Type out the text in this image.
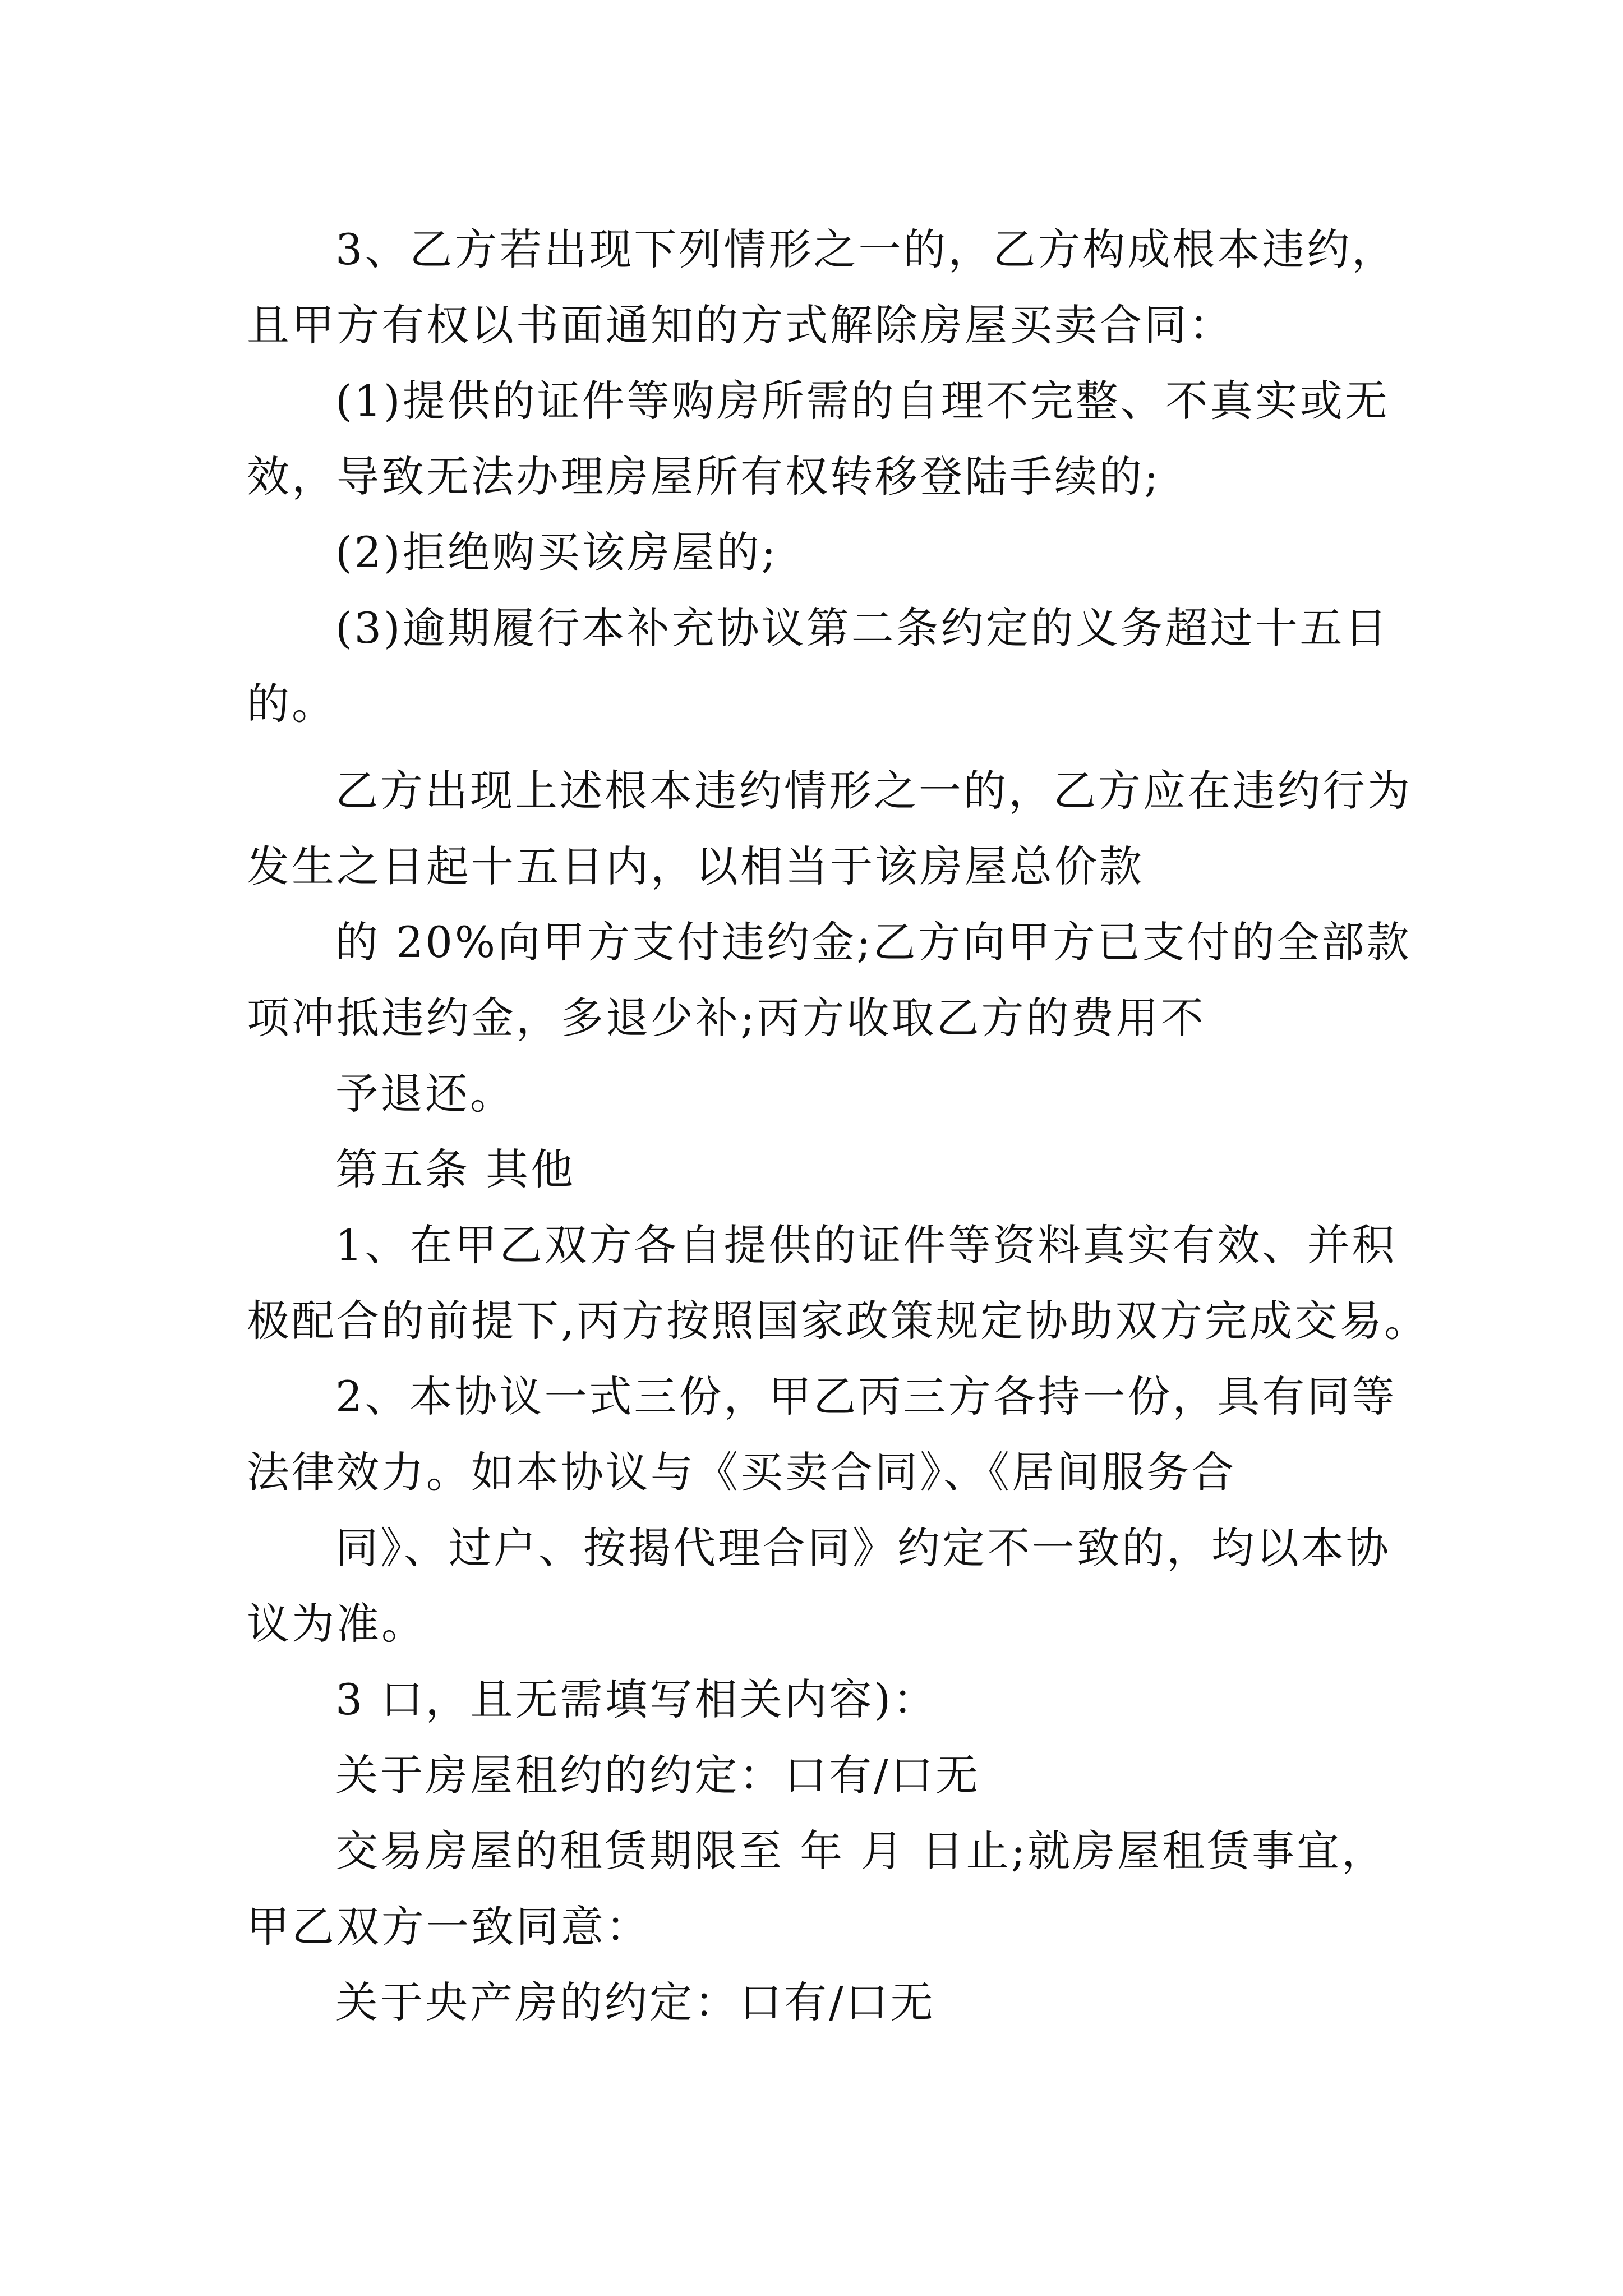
3、乙方若出现下列情形之一的，乙方构成根本违约，
且甲方有权以书面通知的方式解除房屋买卖合同：
(1)提供的证件等购房所需的自理不完整、不真实或无
效，导致无法办理房屋所有权转移登陆手续的;
(2)拒绝购买该房屋的;
(3)逾期履行本补充协议第二条约定的义务超过十五日
的。
乙方出现上述根本违约情形之一的，乙方应在违约行为
发生之日起十五日内，以相当于该房屋总价款
的 20%向甲方支付违约金;乙方向甲方已支付的全部款
项冲抵违约金，多退少补;丙方收取乙方的费用不
予退还。
第五条 其他
1、在甲乙双方各自提供的证件等资料真实有效、并积
极配合的前提下,丙方按照国家政策规定协助双方完成交易。
2、本协议一式三份，甲乙丙三方各持一份，具有同等
法律效力。如本协议与《买卖合同》、《居间服务合
同》、过户、按揭代理合同》约定不一致的，均以本协
议为准。
3 口，且无需填写相关内容)：
关于房屋租约的约定：口有/口无
交易房屋的租赁期限至 年 月 日止;就房屋租赁事宜，
甲乙双方一致同意：
关于央产房的约定：口有/口无
